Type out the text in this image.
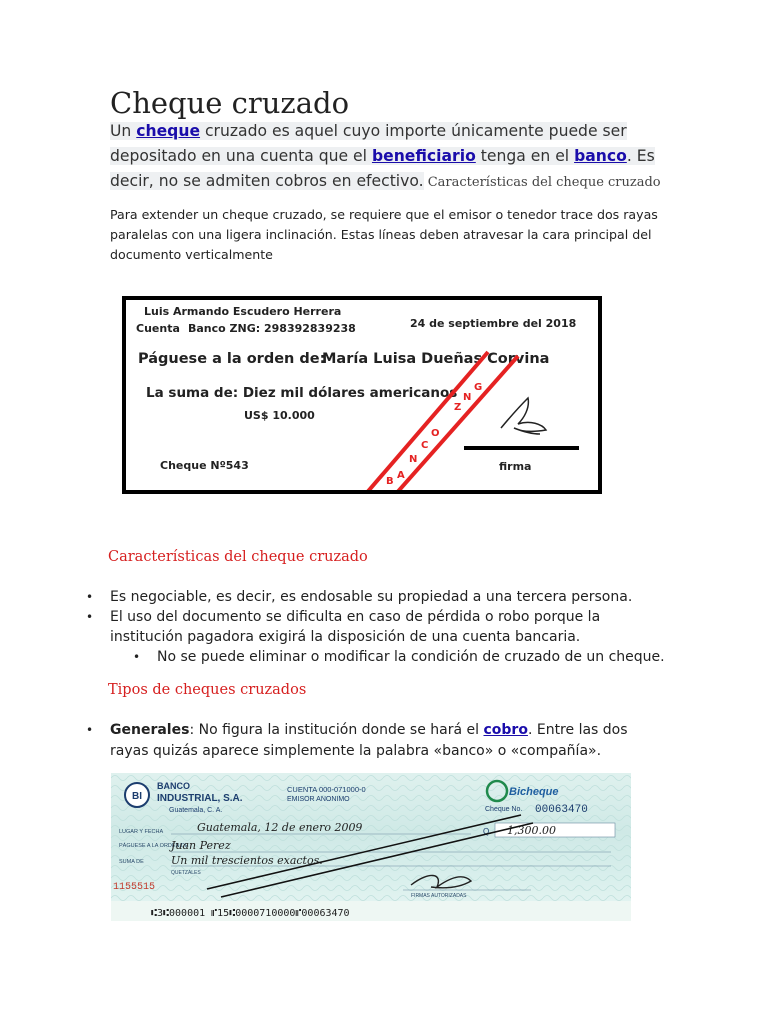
Cheque cruzado
Un cheque cruzado es aquel cuyo importe únicamente puede ser depositado en una cuenta que el beneficiario tenga en el banco. Es decir, no se admiten cobros en efectivo. Características del cheque cruzado
Para extender un cheque cruzado, se requiere que el emisor o tenedor trace dos rayas paralelas con una ligera inclinación. Estas líneas deben atravesar la cara principal del documento verticalmente
Luis Armando Escudero Herrera
Cuenta Banco ZNG: 298392839238	24 de septiembre del 2018
Páguese a la orden de:
María Luisa Dueñas Corvina
La suma de: Diez mil dólares americanos
US$ 10.000
Cheque Nº543	firma
B
A
N
C
O
Z
N
G
Características del cheque cruzado
• Es negociable, es decir, es endosable su propiedad a una tercera persona.
• El uso del documento se dificulta en caso de pérdida o robo porque la institución pagadora exigirá la disposición de una cuenta bancaria.
• No se puede eliminar o modificar la condición de cruzado de un cheque.
Tipos de cheques cruzados
• Generales: No figura la institución donde se hará el cobro. Entre las dos rayas quizás aparece simplemente la palabra «banco» o «compañía».
BI
BANCO
INDUSTRIAL, S.A.
Guatemala, C. A.
CUENTA 000-071000-0
EMISOR ANONIMO
Bicheque
Cheque No. 00063470
LUGAR Y FECHA	Guatemala, 12 de enero 2009	Q. 1,300.00
PÁGUESE A LA ORDEN DE
Juan Perez
SUMA DE Un mil trescientos exactos.
QUETZALES
1155515
FIRMAS AUTORIZADAS
⑆3⑆000001 ⑈15⑆0000710000⑈00063470
